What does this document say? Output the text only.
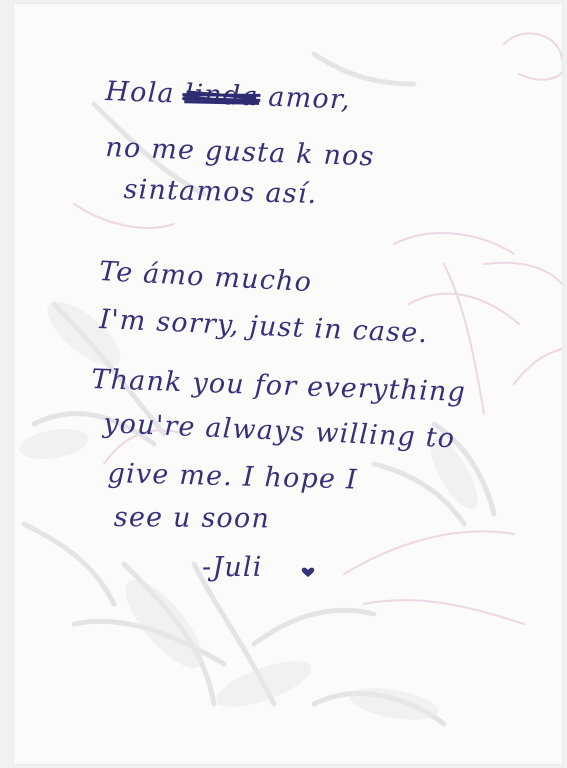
Hola linda amor,

no me gusta k nos

sintamos así.

Te ámo mucho

I'm sorry, just in case.

Thank you for everything

you're always willing to

give me. I hope I

see u soon

-Juli
